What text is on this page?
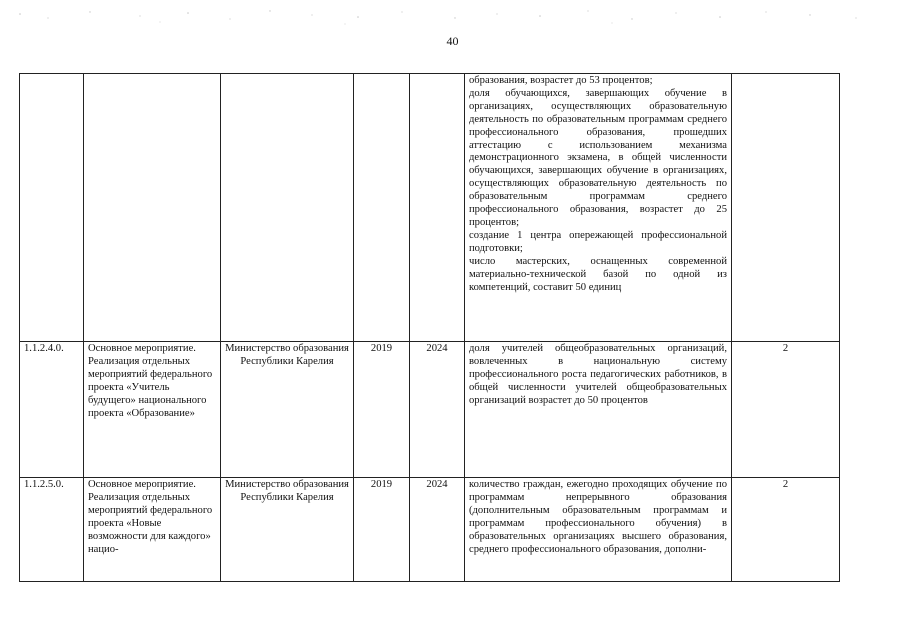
40

					образования, возрастет до 53 процентов;
доля обучающихся, завершающих обучение в организациях, осуществляющих образовательную деятельность по образовательным программам среднего профессионального образования, прошедших аттестацию с использованием механизма демонстрационного экзамена, в общей численности обучающихся, завершающих обучение в организациях, осуществляющих образовательную деятельность по образовательным программам среднего профессионального образования, возрастет до 25 процентов;
создание 1 центра опережающей профессиональной подготовки;
число мастерских, оснащенных современной материально-технической базой по одной из компетенций, составит 50 единиц	

1.1.2.4.0.	Основное мероприятие. Реализация отдельных мероприятий федерального проекта «Учитель будущего» национального проекта «Образование»	Министерство образования Республики Карелия	2019	2024	доля учителей общеобразовательных организаций, вовлеченных в национальную систему профессионального роста педагогических работников, в общей численности учителей общеобразовательных организаций возрастет до 50 процентов	2
1.1.2.5.0.	Основное мероприятие. Реализация отдельных мероприятий федерального проекта «Новые возможности для каждого» нацио-	Министерство образования Республики Карелия	2019	2024	количество граждан, ежегодно проходящих обучение по программам непрерывного образования (дополнительным образовательным программам и программам профессионального обучения) в образовательных организациях высшего образования, среднего профессионального образования, дополни-	2
